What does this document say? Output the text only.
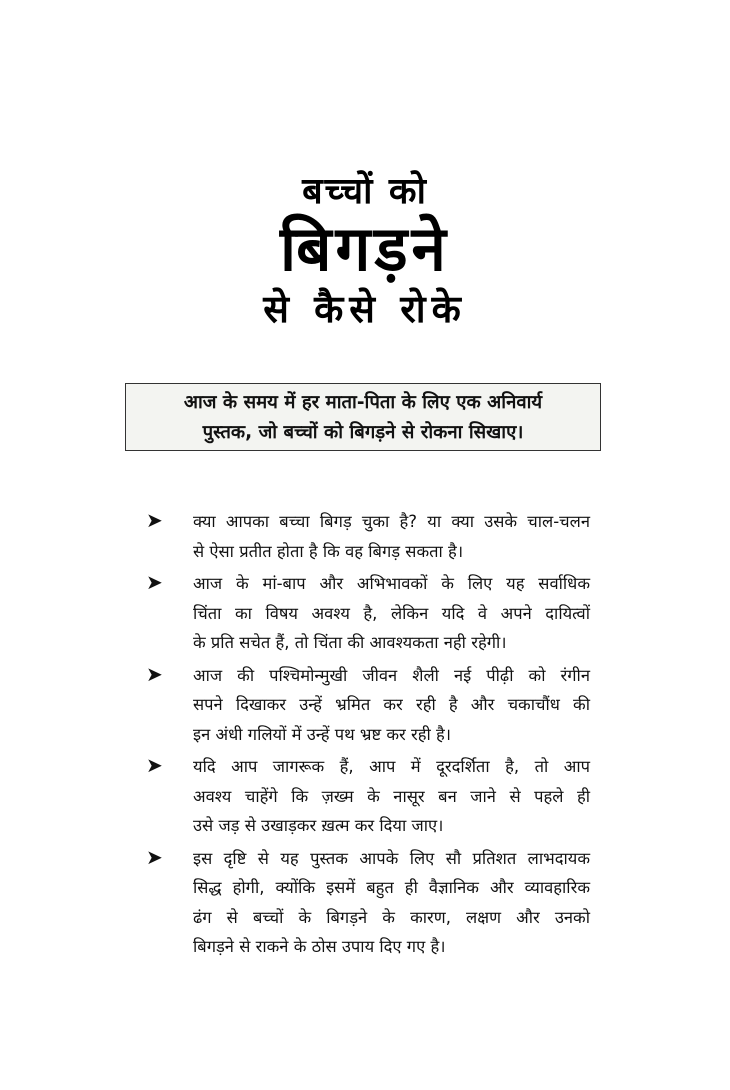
बच्चों को
बिगड़ने
से कैसे रोके
आज के समय में हर माता-पिता के लिए एक अनिवार्य
पुस्तक, जो बच्चों को बिगड़ने से रोकना सिखाए।
➤ क्या आपका बच्चा बिगड़ चुका है? या क्या उसके चाल-चलन
से ऐसा प्रतीत होता है कि वह बिगड़ सकता है।
➤ आज के मां-बाप और अभिभावकों के लिए यह सर्वाधिक
चिंता का विषय अवश्य है, लेकिन यदि वे अपने दायित्वों
के प्रति सचेत हैं, तो चिंता की आवश्यकता नही रहेगी।
➤ आज की पश्चिमोन्मुखी जीवन शैली नई पीढ़ी को रंगीन
सपने दिखाकर उन्हें भ्रमित कर रही है और चकाचौंध की
इन अंधी गलियों में उन्हें पथ भ्रष्ट कर रही है।
➤ यदि आप जागरूक हैं, आप में दूरदर्शिता है, तो आप
अवश्य चाहेंगे कि ज़ख्म के नासूर बन जाने से पहले ही
उसे जड़ से उखाड़कर ख़त्म कर दिया जाए।
➤ इस दृष्टि से यह पुस्तक आपके लिए सौ प्रतिशत लाभदायक
सिद्ध होगी, क्योंकि इसमें बहुत ही वैज्ञानिक और व्यावहारिक
ढंग से बच्चों के बिगड़ने के कारण, लक्षण और उनको
बिगड़ने से राकने के ठोस उपाय दिए गए है।
